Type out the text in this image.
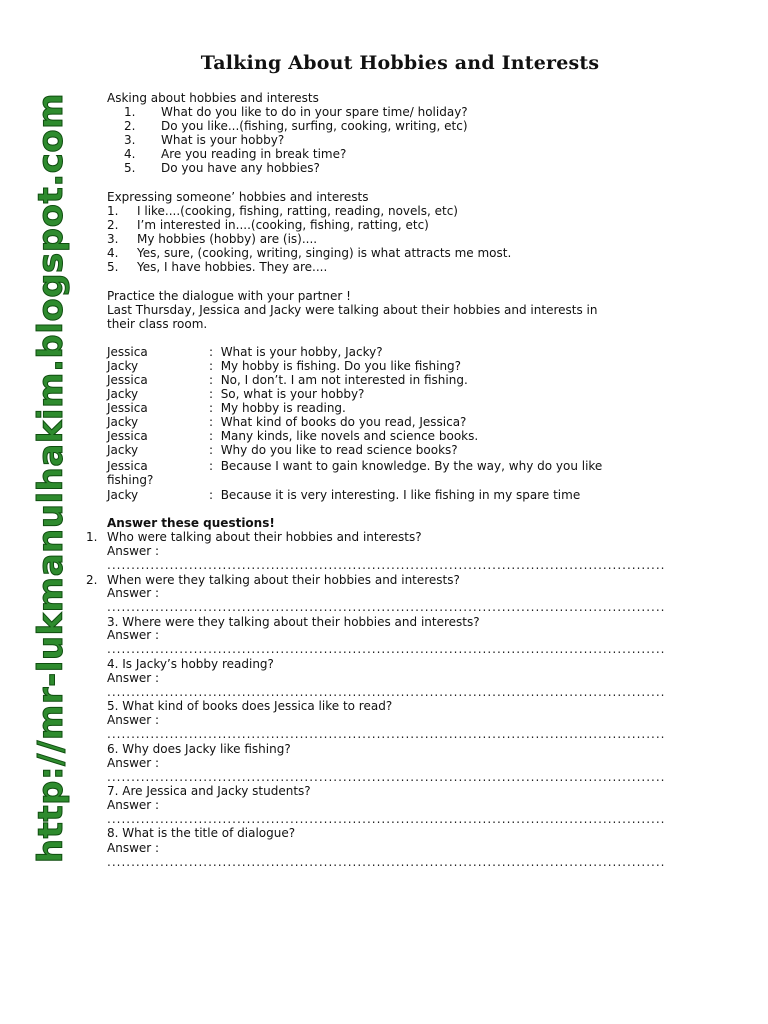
Talking About Hobbies and Interests
http://mr-lukmanulhakim.blogspot.com	Asking about hobbies and interests
1. What do you like to do in your spare time/ holiday?
2. Do you like...(fishing, surfing, cooking, writing, etc)
3. What is your hobby?
4. Are you reading in break time?
5. Do you have any hobbies?
Expressing someone’ hobbies and interests
1. I like....(cooking, fishing, ratting, reading, novels, etc)
2. I’m interested in....(cooking, fishing, ratting, etc)
3. My hobbies (hobby) are (is)....
4. Yes, sure, (cooking, writing, singing) is what attracts me most.
5. Yes, I have hobbies. They are....
Practice the dialogue with your partner !
Last Thursday, Jessica and Jacky were talking about their hobbies and interests in
their class room.
Jessica	: What is your hobby, Jacky?
Jacky	: My hobby is fishing. Do you like fishing?
Jessica	: No, I don’t. I am not interested in fishing.
Jacky	: So, what is your hobby?
Jessica	: My hobby is reading.
Jacky	: What kind of books do you read, Jessica?
Jessica	: Many kinds, like novels and science books.
Jacky	: Why do you like to read science books?
Jessica	: Because I want to gain knowledge. By the way, why do you like
fishing?
Jacky	: Because it is very interesting. I like fishing in my spare time
Answer these questions!
1. Who were talking about their hobbies and interests?
Answer :
....................................................................................................................
2. When were they talking about their hobbies and interests?
Answer :
....................................................................................................................
3. Where were they talking about their hobbies and interests?
Answer :
....................................................................................................................
4. Is Jacky’s hobby reading?
Answer :
....................................................................................................................
5. What kind of books does Jessica like to read?
Answer :
....................................................................................................................
6. Why does Jacky like fishing?
Answer :
....................................................................................................................
7. Are Jessica and Jacky students?
Answer :
....................................................................................................................
8. What is the title of dialogue?
Answer :
....................................................................................................................
